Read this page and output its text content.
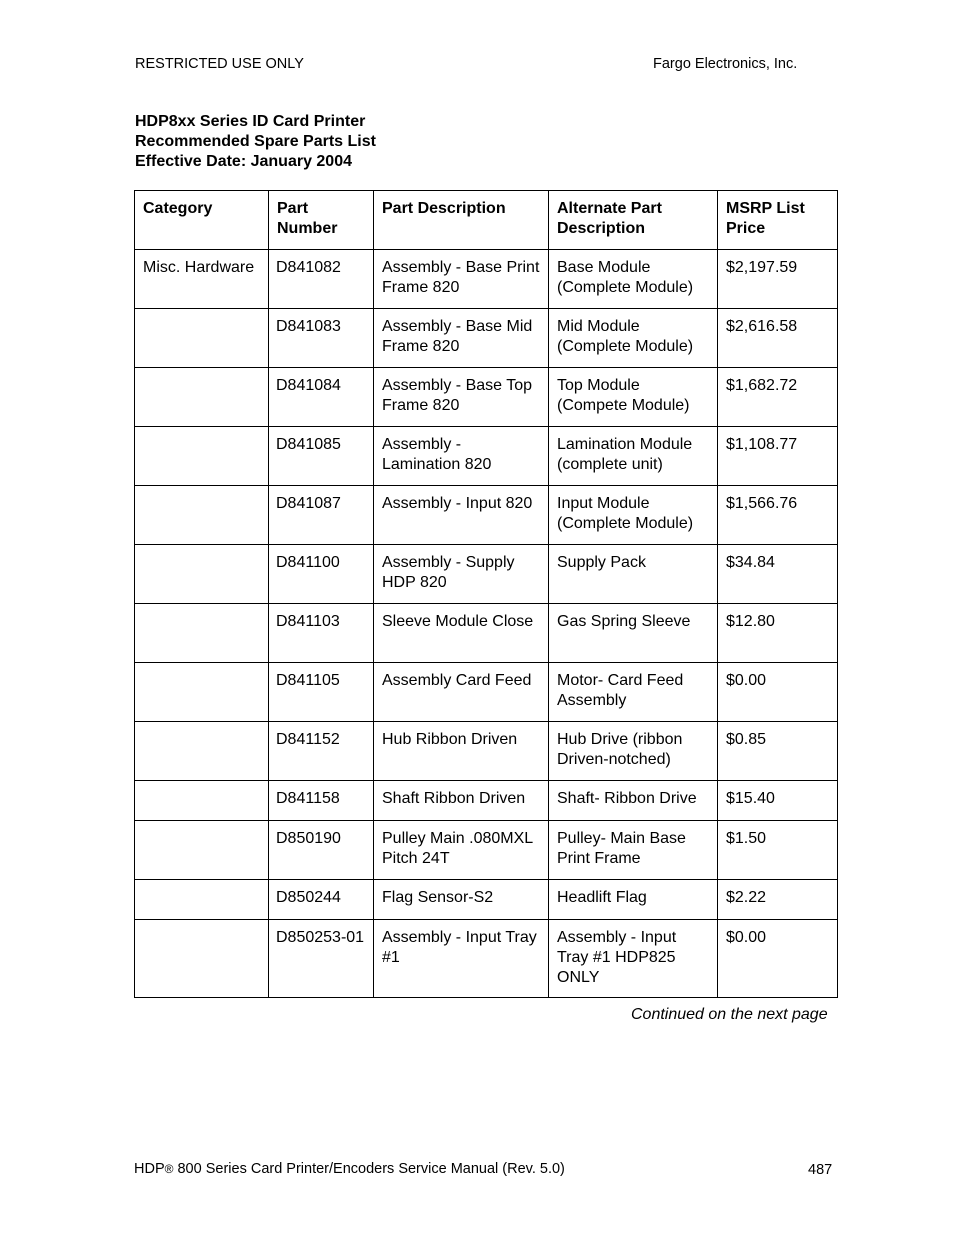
RESTRICTED USE ONLY	Fargo Electronics, Inc.
HDP8xx Series ID Card Printer
Recommended Spare Parts List
Effective Date: January 2004
Category	Part Number	Part Description	Alternate Part Description	MSRP List Price
Misc. Hardware	D841082	Assembly - Base Print Frame 820	Base Module (Complete Module)	$2,197.59
	D841083	Assembly - Base Mid Frame 820	Mid Module (Complete Module)	$2,616.58
	D841084	Assembly - Base Top Frame 820	Top Module (Compete Module)	$1,682.72
	D841085	Assembly - Lamination 820	Lamination Module (complete unit)	$1,108.77
	D841087	Assembly - Input 820	Input Module (Complete Module)	$1,566.76
	D841100	Assembly - Supply HDP 820	Supply Pack	$34.84
	D841103	Sleeve Module Close	Gas Spring Sleeve	$12.80
	D841105	Assembly Card Feed	Motor- Card Feed Assembly	$0.00
	D841152	Hub Ribbon Driven	Hub Drive (ribbon Driven-notched)	$0.85
	D841158	Shaft Ribbon Driven	Shaft- Ribbon Drive	$15.40
	D850190	Pulley Main .080MXL Pitch 24T	Pulley- Main Base Print Frame	$1.50
	D850244	Flag Sensor-S2	Headlift Flag	$2.22
	D850253-01	Assembly - Input Tray #1	Assembly - Input Tray #1 HDP825 ONLY	$0.00
Continued on the next page
HDP® 800 Series Card Printer/Encoders Service Manual (Rev. 5.0)	487
